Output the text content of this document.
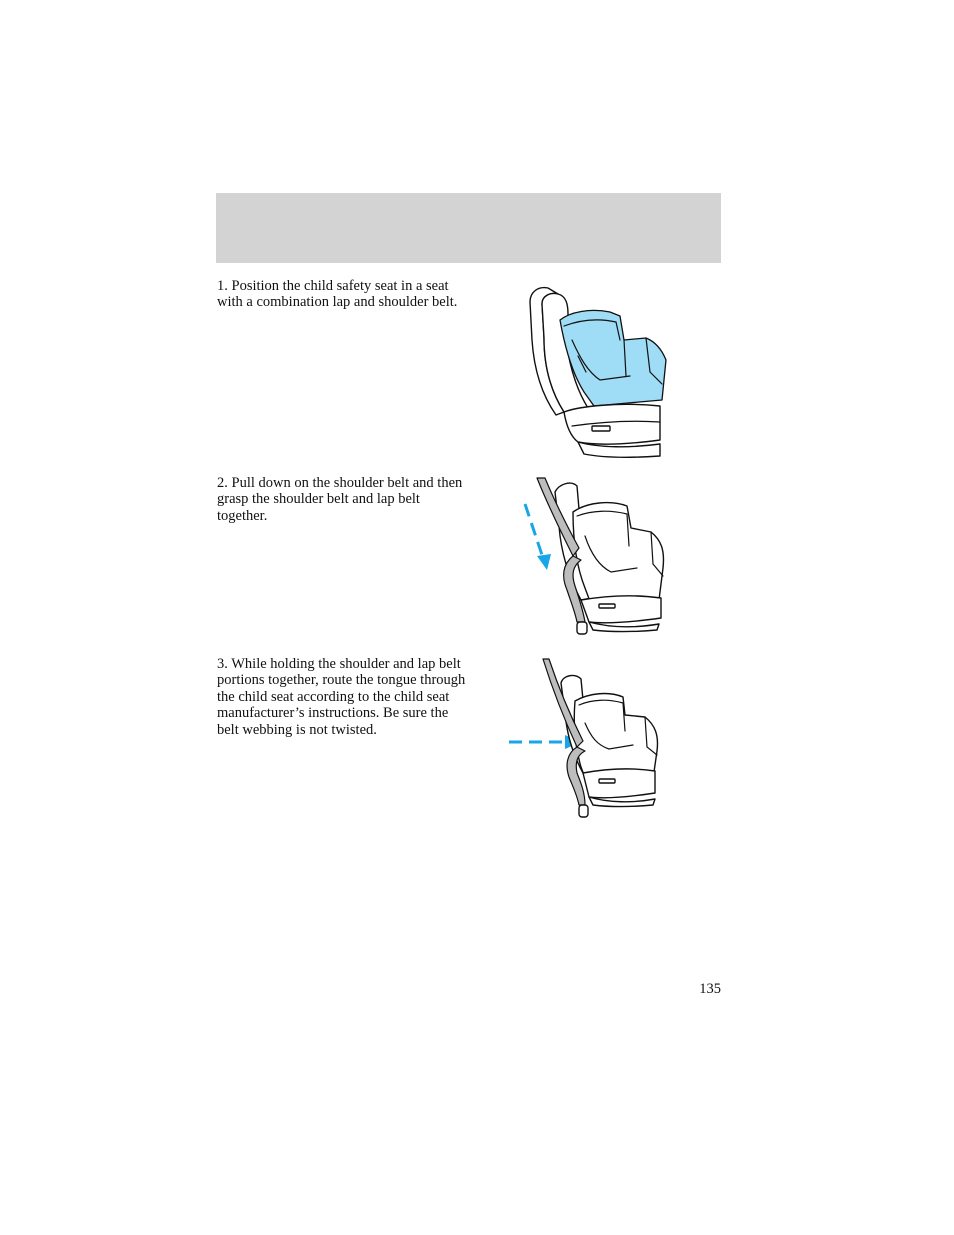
1. Position the child safety seat in a seat with a combination lap and shoulder belt.

2. Pull down on the shoulder belt and then grasp the shoulder belt and lap belt together.

3. While holding the shoulder and lap belt portions together, route the tongue through the child seat according to the child seat manufacturer’s instructions. Be sure the belt webbing is not twisted.

135
